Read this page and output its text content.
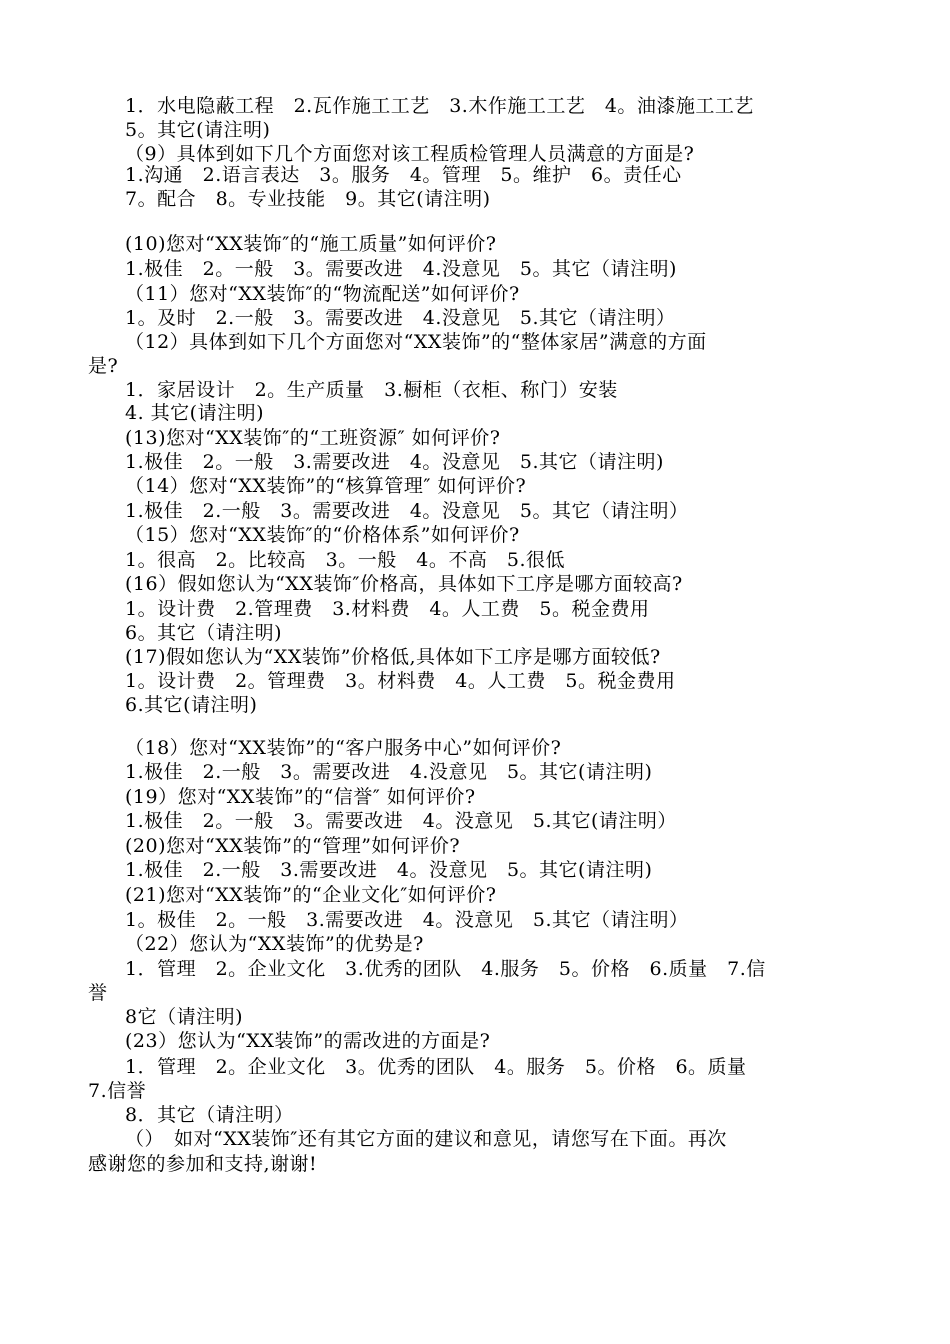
1．水电隐蔽工程　2.瓦作施工工艺　3.木作施工工艺　4。油漆施工工艺
5。其它(请注明)
（9）具体到如下几个方面您对该工程质检管理人员满意的方面是?
1.沟通　2.语言表达　3。服务　4。管理　5。维护　6。责任心
7。配合　8。专业技能　9。其它(请注明)
(10)您对“XX装饰″的“施工质量”如何评价?
1.极佳　2。一般　3。需要改进　4.没意见　5。其它（请注明)
（11）您对“XX装饰″的“物流配送”如何评价?
1。及时　2.一般　3。需要改进　4.没意见　5.其它（请注明）
（12）具体到如下几个方面您对“XX装饰”的“整体家居”满意的方面
是?
1．家居设计　2。生产质量　3.橱柜（衣柜、称门）安装
4. 其它(请注明)
(13)您对“XX装饰″的“工班资源″ 如何评价?
1.极佳　2。一般　3.需要改进　4。没意见　5.其它（请注明)
（14）您对“XX装饰”的“核算管理″ 如何评价?
1.极佳　2.一般　3。需要改进　4。没意见　5。其它（请注明）
（15）您对“XX装饰″的“价格体系”如何评价?
1。很高　2。比较高　3。一般　4。不高　5.很低
(16）假如您认为“XX装饰″价格高，具体如下工序是哪方面较高?
1。设计费　2.管理费　3.材料费　4。人工费　5。税金费用
6。其它（请注明)
(17)假如您认为“XX装饰”价格低,具体如下工序是哪方面较低?
1。设计费　2。管理费　3。材料费　4。人工费　5。税金费用
6.其它(请注明)
（18）您对“XX装饰”的“客户服务中心”如何评价?
1.极佳　2.一般　3。需要改进　4.没意见　5。其它(请注明)
(19）您对“XX装饰”的“信誉″ 如何评价?
1.极佳　2。一般　3。需要改进　4。没意见　5.其它(请注明）
(20)您对“XX装饰”的“管理”如何评价?
1.极佳　2.一般　3.需要改进　4。没意见　5。其它(请注明)
(21)您对“XX装饰”的“企业文化″如何评价?
1。极佳　2。一般　3.需要改进　4。没意见　5.其它（请注明）
（22）您认为“XX装饰”的优势是?
1．管理　2。企业文化　3.优秀的团队　4.服务　5。价格　6.质量　7.信
誉
8它（请注明)
(23）您认为“XX装饰”的需改进的方面是?
1．管理　2。企业文化　3。优秀的团队　4。服务　5。价格　6。质量
7.信誉
8．其它（请注明）
（）　如对“XX装饰″还有其它方面的建议和意见，请您写在下面。再次
感谢您的参加和支持,谢谢!
